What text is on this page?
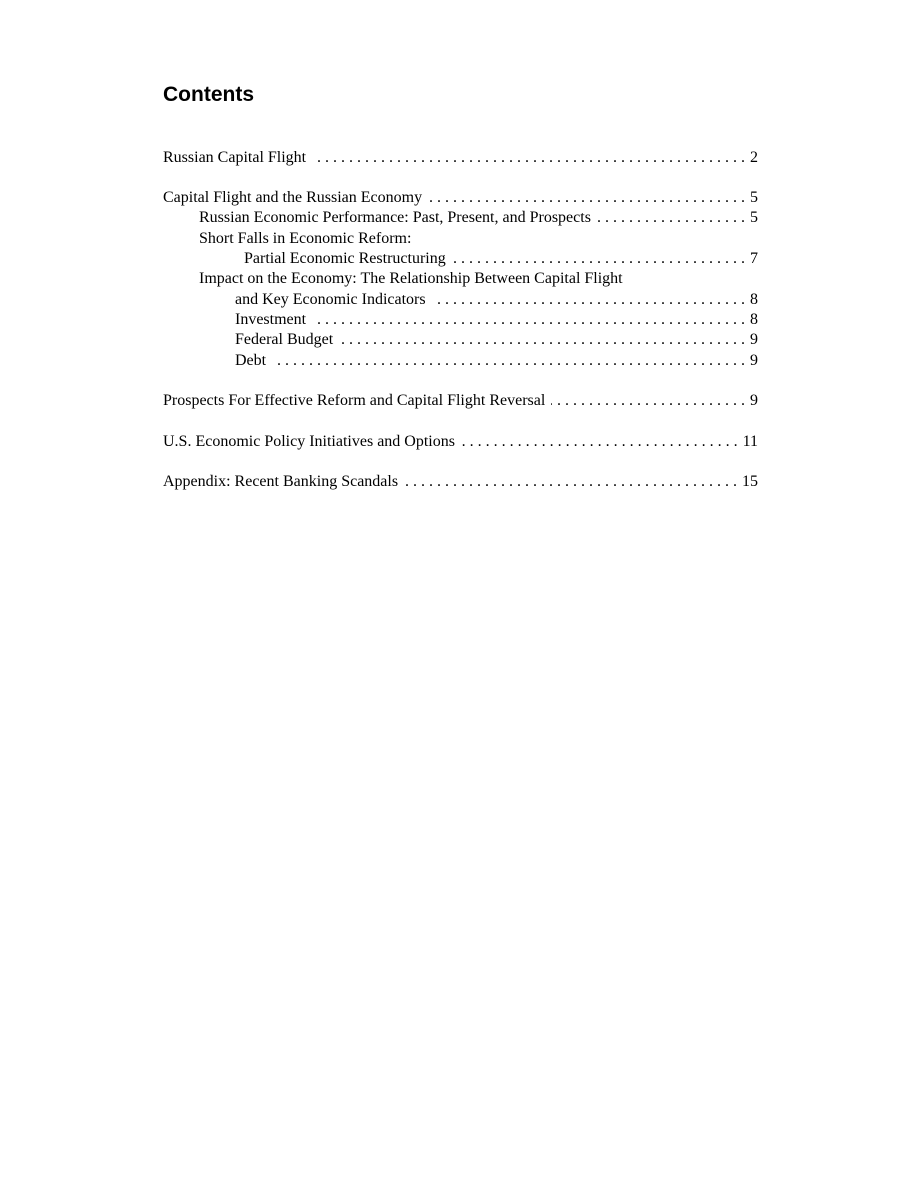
Contents
Russian Capital Flight . . .	2
Capital Flight and the Russian Economy . . .	5
Russian Economic Performance: Past, Present, and Prospects . . .	5
Short Falls in Economic Reform:
Partial Economic Restructuring . . .	7
Impact on the Economy: The Relationship Between Capital Flight
and Key Economic Indicators . . .	8
Investment . . .	8
Federal Budget . . .	9
Debt . . .	9
Prospects For Effective Reform and Capital Flight Reversal . . .	9
U.S. Economic Policy Initiatives and Options . . .	11
Appendix: Recent Banking Scandals . . .	15
